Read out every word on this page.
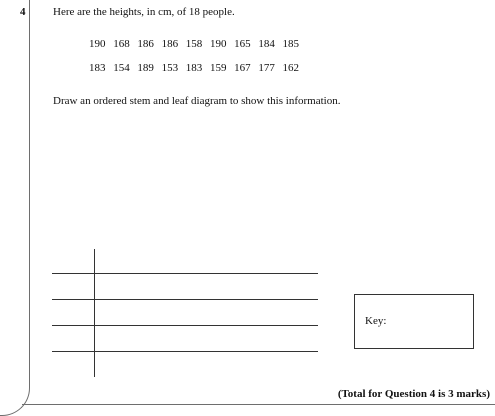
4	Here are the heights, in cm, of 18 people.
190 168 186 186 158 190 165 184 185
183 154 189 153 183 159 167 177 162
Draw an ordered stem and leaf diagram to show this information.
Key:
(Total for Question 4 is 3 marks)
